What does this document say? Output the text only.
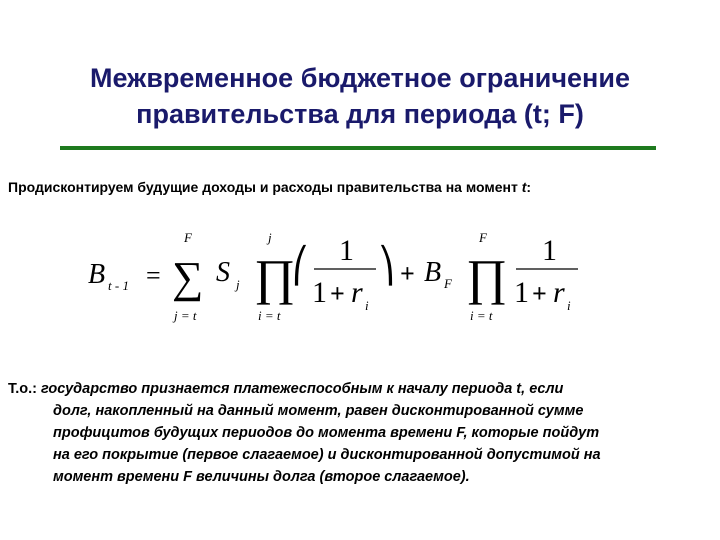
Межвременное бюджетное ограничение
правительства для периода (t; F)
Продисконтируем будущие доходы и расходы правительства на момент t:
B t - 1 = ∑
F
j = t
S j ∏
j
i = t
⎛ 1
1 + r i
⎞ + B F ∏
F
i = t
1
1 + r i
Т.о.: государство признается платежеспособным к началу периода t, если
долг, накопленный на данный момент, равен дисконтированной сумме
профицитов будущих периодов до момента времени F, которые пойдут
на его покрытие (первое слагаемое) и дисконтированной допустимой на
момент времени F величины долга (второе слагаемое).
